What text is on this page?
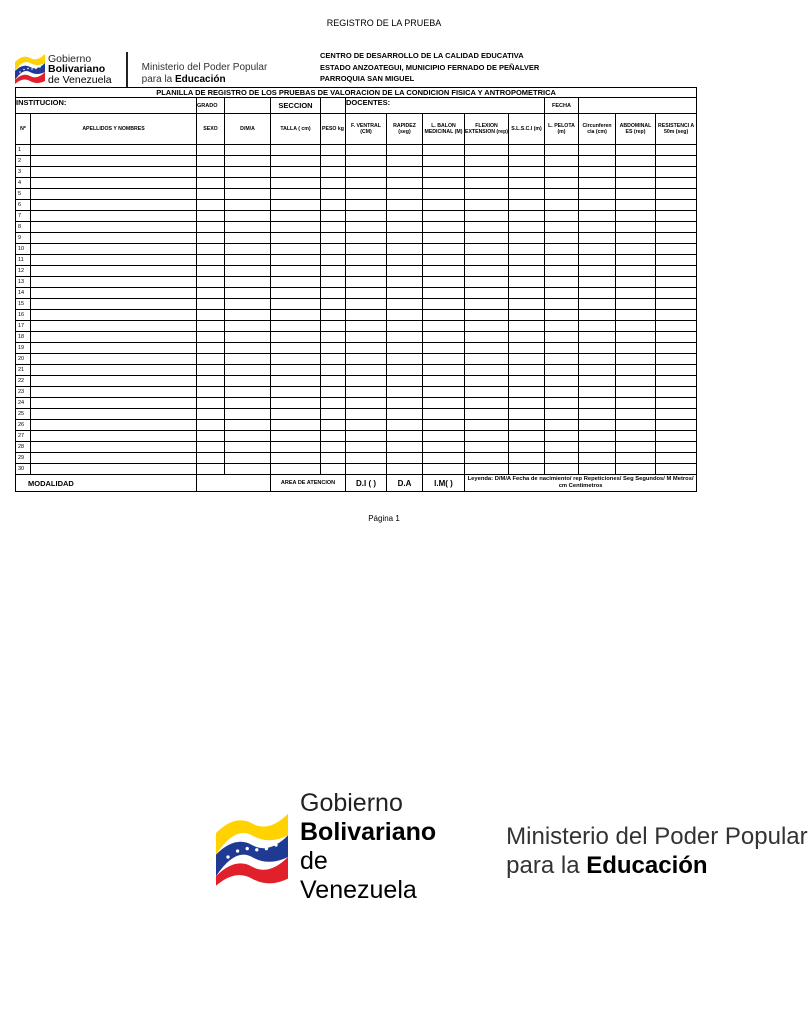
REGISTRO DE LA PRUEBA
Gobierno
Bolivariano
de Venezuela
Ministerio del Poder Popular
para la Educación
CENTRO DE DESARROLLO DE LA CALIDAD EDUCATIVA
ESTADO ANZOATEGUI, MUNICIPIO FERNADO DE PEÑALVER
PARROQUIA SAN MIGUEL
PLANILLA DE REGISTRO DE LOS PRUEBAS DE VALORACION DE LA CONDICION FISICA Y ANTROPOMETRICA														
INSTITUCION:		GRADO		SECCION		DOCENTES:					FECHA			
Nº	APELLIDOS Y NOMBRES	SEXO	D/M/A	TALLA ( cm)	PESO kg	F. VENTRAL (CM)	RAPIDEZ (seg)	L. BALON MEDICINAL (M)	FLEXION EXTENSION (rep)	S.L.S.C.I (m)	L. PELOTA (m)	Circunferen cia (cm)	ABDOMINAL ES (rep)	RESISTENCI A 50m (seg)
1														
2														
3														
4														
5														
6														
7														
8														
9														
10														
11														
12														
13														
14														
15														
16														
17														
18														
19														
20														
21														
22														
23														
24														
25														
26														
27														
28														
29														
30														
MODALIDAD				AREA DE ATENCION		D.I ( )	D.A	I.M( )	Leyenda: D/M/A Fecha de nacimiento/ rep Repeticiones/ Seg Segundos/ M Metros/ cm Centimetros					
Página 1
Gobierno
Bolivariano
de Venezuela
Ministerio del Poder Popular
para la Educación
